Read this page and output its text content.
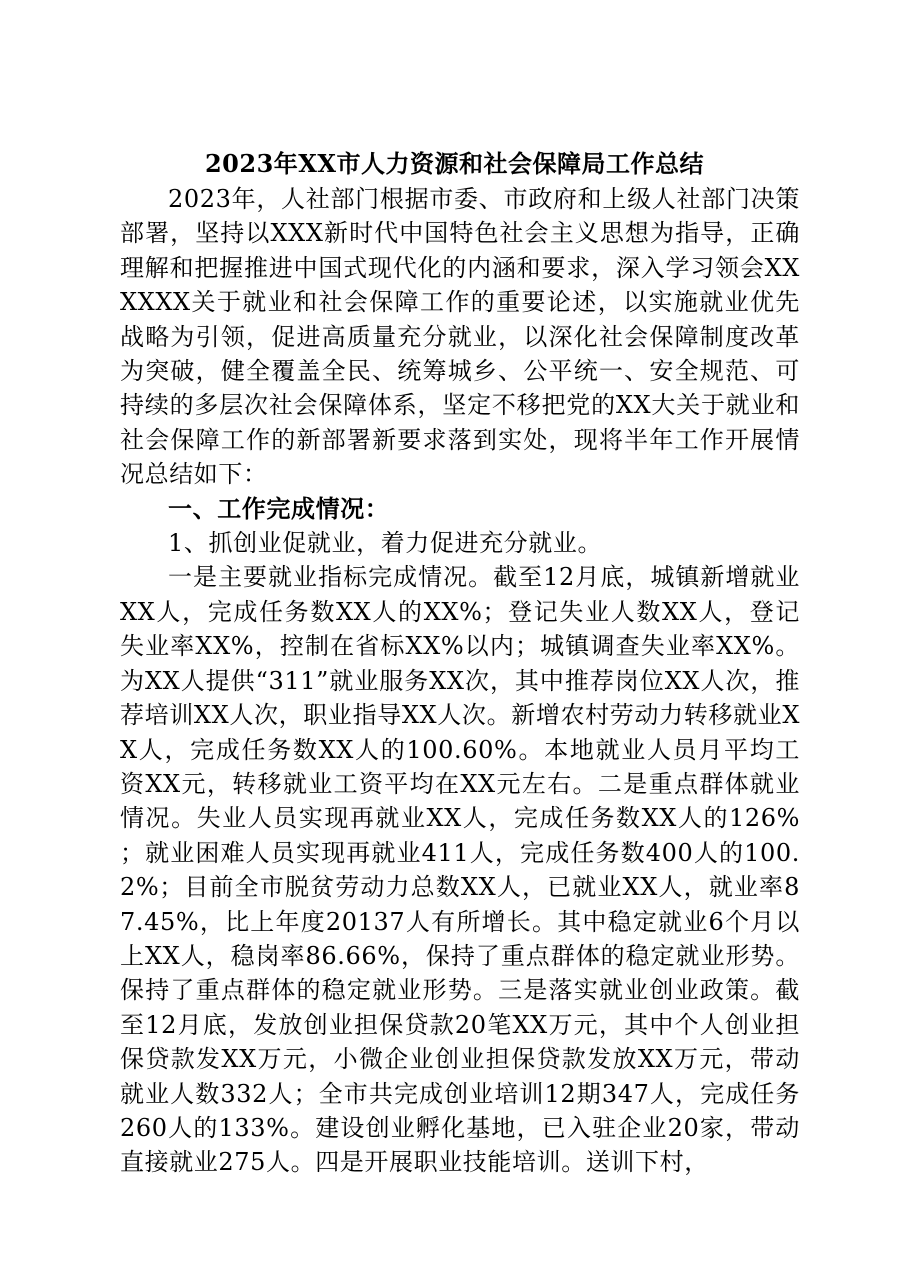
2023年XX市人力资源和社会保障局工作总结

2023年，人社部门根据市委、市政府和上级人社部门决策部署，坚持以XXX新时代中国特色社会主义思想为指导，正确理解和把握推进中国式现代化的内涵和要求，深入学习领会XXXXXX关于就业和社会保障工作的重要论述，以实施就业优先战略为引领，促进高质量充分就业，以深化社会保障制度改革为突破，健全覆盖全民、统筹城乡、公平统一、安全规范、可持续的多层次社会保障体系，坚定不移把党的XX大关于就业和社会保障工作的新部署新要求落到实处，现将半年工作开展情况总结如下：

一、工作完成情况：

1、抓创业促就业，着力促进充分就业。

一是主要就业指标完成情况。截至12月底，城镇新增就业XX人，完成任务数XX人的XX%；登记失业人数XX人，登记失业率XX%，控制在省标XX%以内；城镇调查失业率XX%。为XX人提供“311”就业服务XX次，其中推荐岗位XX人次，推荐培训XX人次，职业指导XX人次。新增农村劳动力转移就业XX人，完成任务数XX人的100.60%。本地就业人员月平均工资XX元，转移就业工资平均在XX元左右。二是重点群体就业情况。失业人员实现再就业XX人，完成任务数XX人的126%；就业困难人员实现再就业411人，完成任务数400人的100.2%；目前全市脱贫劳动力总数XX人，已就业XX人，就业率87.45%，比上年度20137人有所增长。其中稳定就业6个月以上XX人，稳岗率86.66%，保持了重点群体的稳定就业形势。保持了重点群体的稳定就业形势。三是落实就业创业政策。截至12月底，发放创业担保贷款20笔XX万元，其中个人创业担保贷款发XX万元，小微企业创业担保贷款发放XX万元，带动就业人数332人；全市共完成创业培训12期347人，完成任务260人的133%。建设创业孵化基地，已入驻企业20家，带动直接就业275人。四是开展职业技能培训。送训下村，
